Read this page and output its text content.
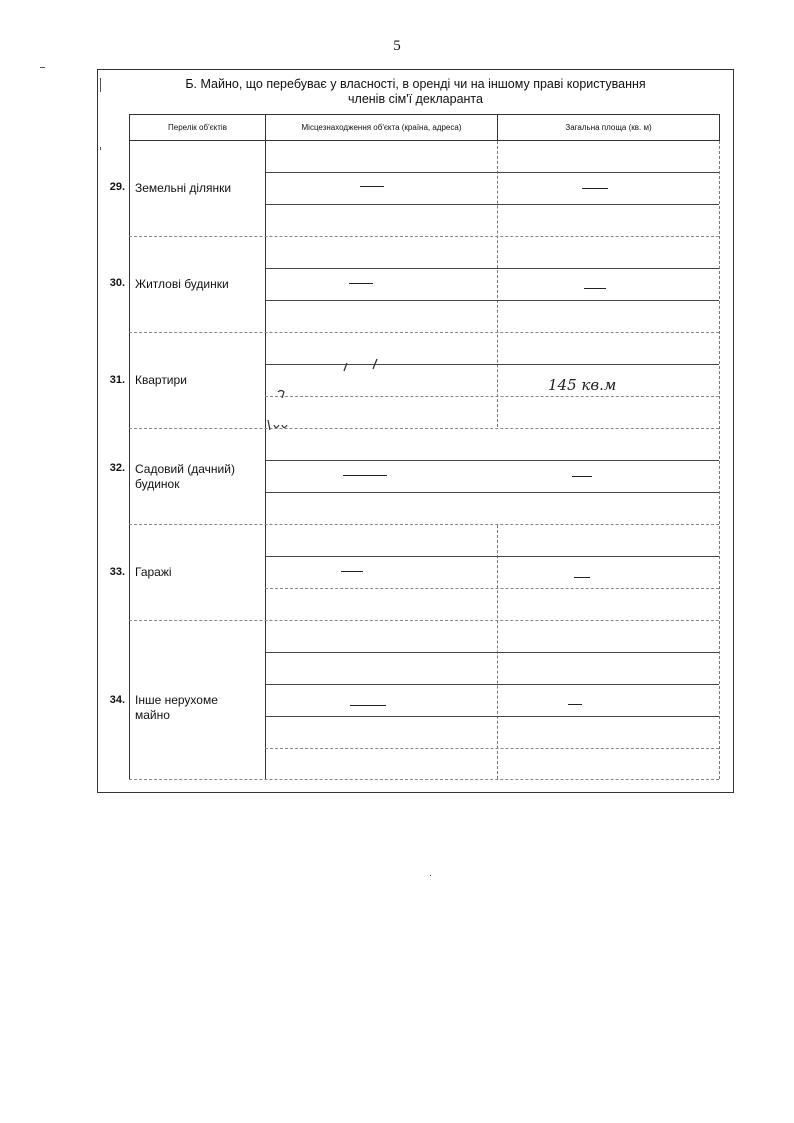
5
Б. Майно, що перебуває у власності, в оренді чи на іншому праві користування
членів сім'ї декларанта
Перелік об'єктів	Місцезнаходження об'єкта (країна, адреса)	Загальна площа (кв. м)
29. Земельні ділянки
30. Житлові будинки
31. Квартири
32. Садовий (дачний) будинок
33. Гаражі
34. Інше нерухоме майно
145 кв.м
